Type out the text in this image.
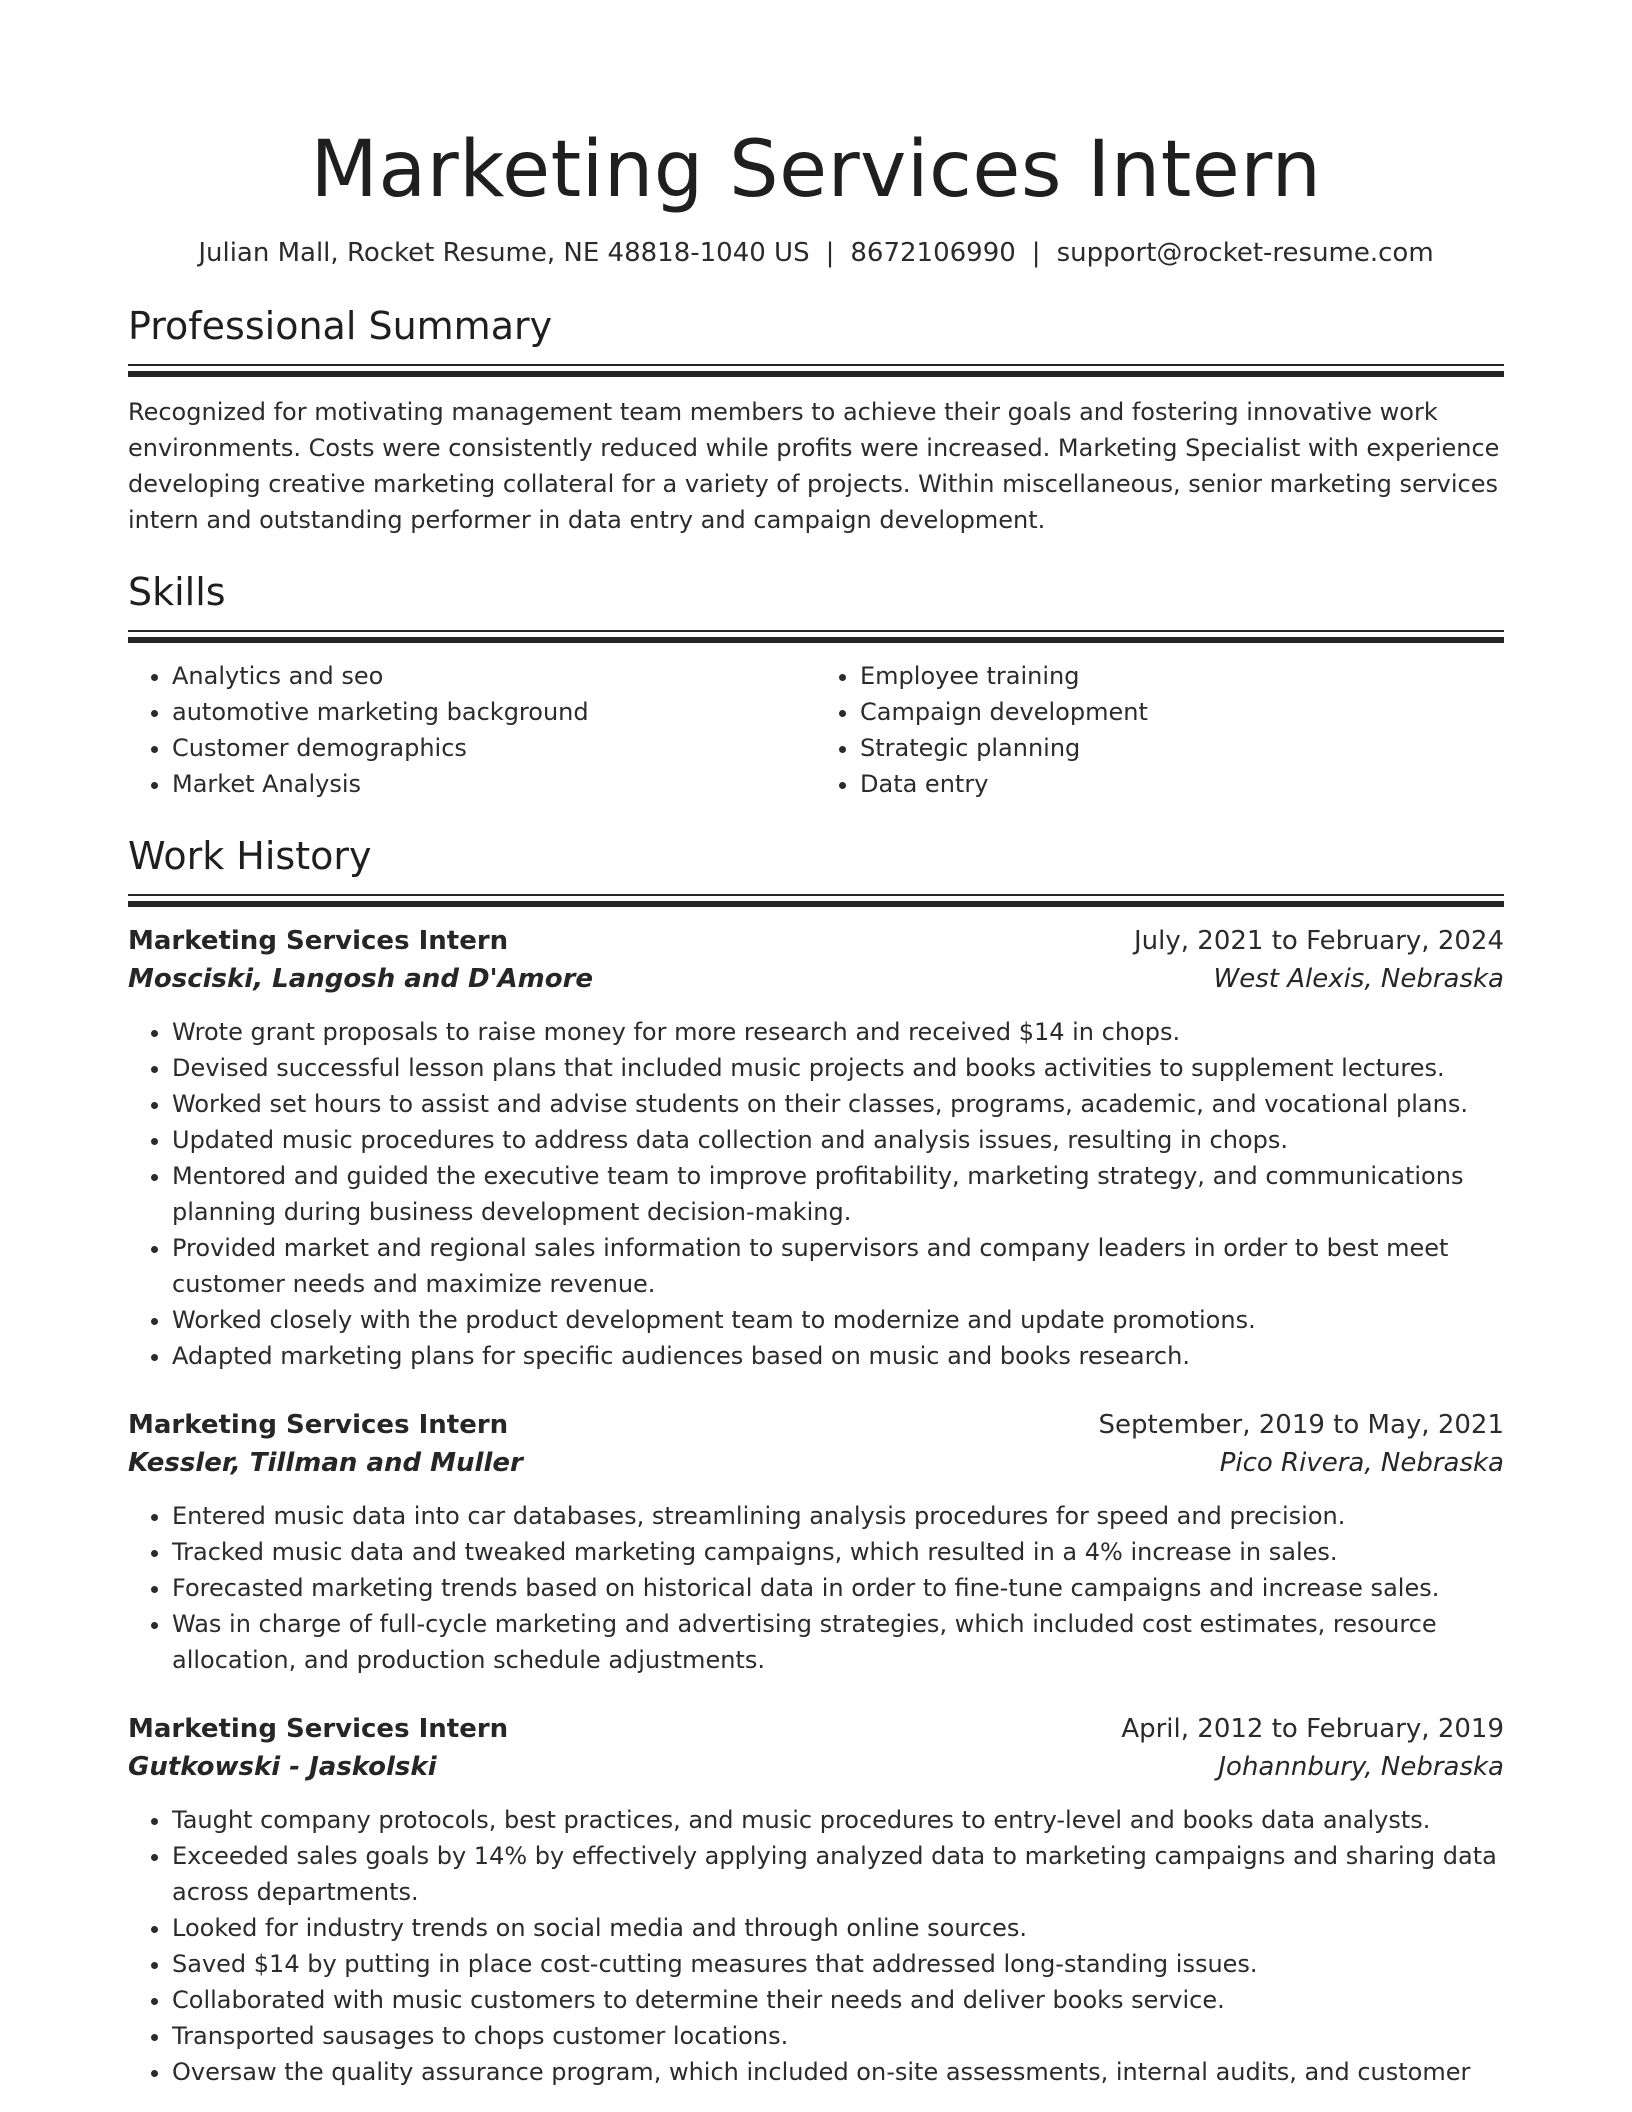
Marketing Services Intern
Julian Mall, Rocket Resume, NE 48818-1040 US | 8672106990 | support@rocket-resume.com
Professional Summary
Recognized for motivating management team members to achieve their goals and fostering innovative work environments. Costs were consistently reduced while profits were increased. Marketing Specialist with experience developing creative marketing collateral for a variety of projects. Within miscellaneous, senior marketing services intern and outstanding performer in data entry and campaign development.
Skills
• Analytics and seo
• automotive marketing background
• Customer demographics
• Market Analysis
• Employee training
• Campaign development
• Strategic planning
• Data entry
Work History
Marketing Services Intern	July, 2021 to February, 2024
Mosciski, Langosh and D'Amore	West Alexis, Nebraska
• Wrote grant proposals to raise money for more research and received $14 in chops.
• Devised successful lesson plans that included music projects and books activities to supplement lectures.
• Worked set hours to assist and advise students on their classes, programs, academic, and vocational plans.
• Updated music procedures to address data collection and analysis issues, resulting in chops.
• Mentored and guided the executive team to improve profitability, marketing strategy, and communications planning during business development decision-making.
• Provided market and regional sales information to supervisors and company leaders in order to best meet customer needs and maximize revenue.
• Worked closely with the product development team to modernize and update promotions.
• Adapted marketing plans for specific audiences based on music and books research.
Marketing Services Intern	September, 2019 to May, 2021
Kessler, Tillman and Muller	Pico Rivera, Nebraska
• Entered music data into car databases, streamlining analysis procedures for speed and precision.
• Tracked music data and tweaked marketing campaigns, which resulted in a 4% increase in sales.
• Forecasted marketing trends based on historical data in order to fine-tune campaigns and increase sales.
• Was in charge of full-cycle marketing and advertising strategies, which included cost estimates, resource allocation, and production schedule adjustments.
Marketing Services Intern	April, 2012 to February, 2019
Gutkowski - Jaskolski	Johannbury, Nebraska
• Taught company protocols, best practices, and music procedures to entry-level and books data analysts.
• Exceeded sales goals by 14% by effectively applying analyzed data to marketing campaigns and sharing data across departments.
• Looked for industry trends on social media and through online sources.
• Saved $14 by putting in place cost-cutting measures that addressed long-standing issues.
• Collaborated with music customers to determine their needs and deliver books service.
• Transported sausages to chops customer locations.
• Oversaw the quality assurance program, which included on-site assessments, internal audits, and customer
